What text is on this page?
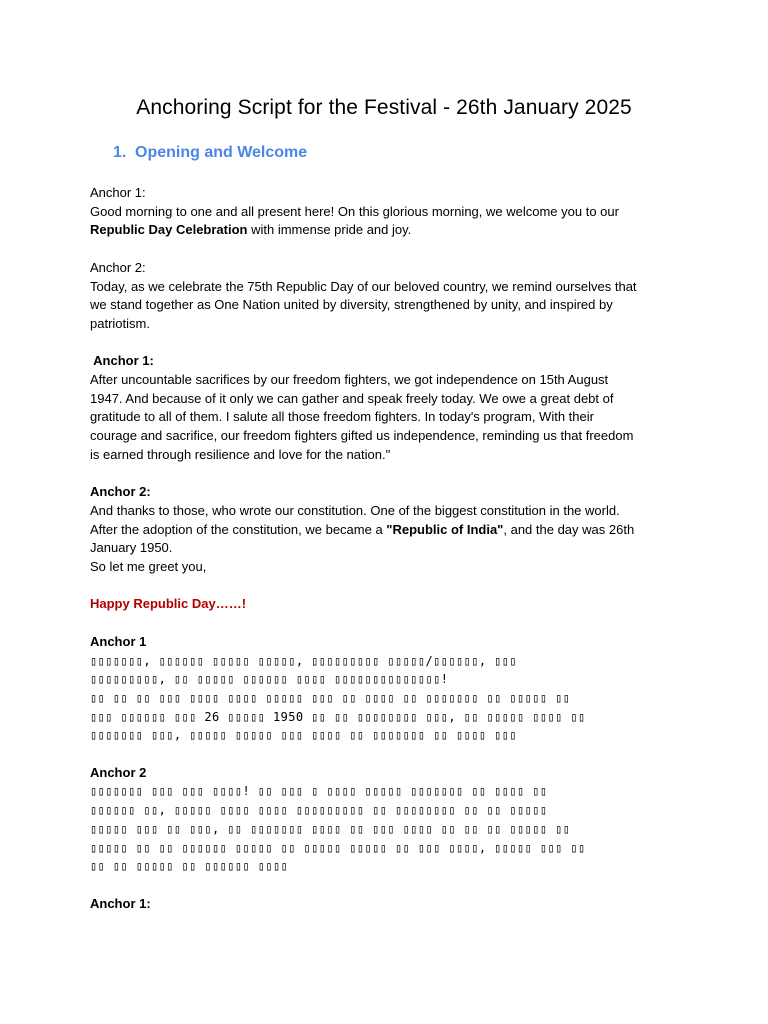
Anchoring Script for the Festival - 26th January 2025
1. Opening and Welcome
Anchor 1:
Good morning to one and all present here! On this glorious morning, we welcome you to our
Republic Day Celebration with immense pride and joy.
Anchor 2:
Today, as we celebrate the 75th Republic Day of our beloved country, we remind ourselves that
we stand together as One Nation united by diversity, strengthened by unity, and inspired by
patriotism.
Anchor 1:
After uncountable sacrifices by our freedom fighters, we got independence on 15th August
1947. And because of it only we can gather and speak freely today. We owe a great debt of
gratitude to all of them. I salute all those freedom fighters. In today's program, With their
courage and sacrifice, our freedom fighters gifted us independence, reminding us that freedom
is earned through resilience and love for the nation."
Anchor 2:
And thanks to those, who wrote our constitution. One of the biggest constitution in the world.
After the adoption of the constitution, we became a "Republic of India", and the day was 26th
January 1950.
So let me greet you,
Happy Republic Day……!
Anchor 1
▯▯▯▯▯▯▯, ▯▯▯▯▯▯ ▯▯▯▯▯ ▯▯▯▯▯, ▯▯▯▯▯▯▯▯▯ ▯▯▯▯▯/▯▯▯▯▯▯, ▯▯▯
▯▯▯▯▯▯▯▯▯, ▯▯ ▯▯▯▯▯ ▯▯▯▯▯▯ ▯▯▯▯ ▯▯▯▯▯▯▯▯▯▯▯▯▯▯!
▯▯ ▯▯ ▯▯ ▯▯▯ ▯▯▯▯ ▯▯▯▯ ▯▯▯▯▯ ▯▯▯ ▯▯ ▯▯▯▯ ▯▯ ▯▯▯▯▯▯▯ ▯▯ ▯▯▯▯▯ ▯▯
▯▯▯ ▯▯▯▯▯▯ ▯▯▯ 26 ▯▯▯▯▯ 1950 ▯▯ ▯▯ ▯▯▯▯▯▯▯▯ ▯▯▯, ▯▯ ▯▯▯▯▯ ▯▯▯▯ ▯▯
▯▯▯▯▯▯▯ ▯▯▯, ▯▯▯▯▯ ▯▯▯▯▯ ▯▯▯ ▯▯▯▯ ▯▯ ▯▯▯▯▯▯▯ ▯▯ ▯▯▯▯ ▯▯▯
Anchor 2
▯▯▯▯▯▯▯ ▯▯▯ ▯▯▯ ▯▯▯▯! ▯▯ ▯▯▯ ▯ ▯▯▯▯ ▯▯▯▯▯ ▯▯▯▯▯▯▯ ▯▯ ▯▯▯▯ ▯▯
▯▯▯▯▯▯ ▯▯, ▯▯▯▯▯ ▯▯▯▯ ▯▯▯▯ ▯▯▯▯▯▯▯▯▯ ▯▯ ▯▯▯▯▯▯▯▯ ▯▯ ▯▯ ▯▯▯▯▯
▯▯▯▯▯ ▯▯▯ ▯▯ ▯▯▯, ▯▯ ▯▯▯▯▯▯▯ ▯▯▯▯ ▯▯ ▯▯▯ ▯▯▯▯ ▯▯ ▯▯ ▯▯ ▯▯▯▯▯ ▯▯
▯▯▯▯▯ ▯▯ ▯▯ ▯▯▯▯▯▯ ▯▯▯▯▯ ▯▯ ▯▯▯▯▯ ▯▯▯▯▯ ▯▯ ▯▯▯ ▯▯▯▯, ▯▯▯▯▯ ▯▯▯ ▯▯
▯▯ ▯▯ ▯▯▯▯▯ ▯▯ ▯▯▯▯▯▯ ▯▯▯▯
Anchor 1:
